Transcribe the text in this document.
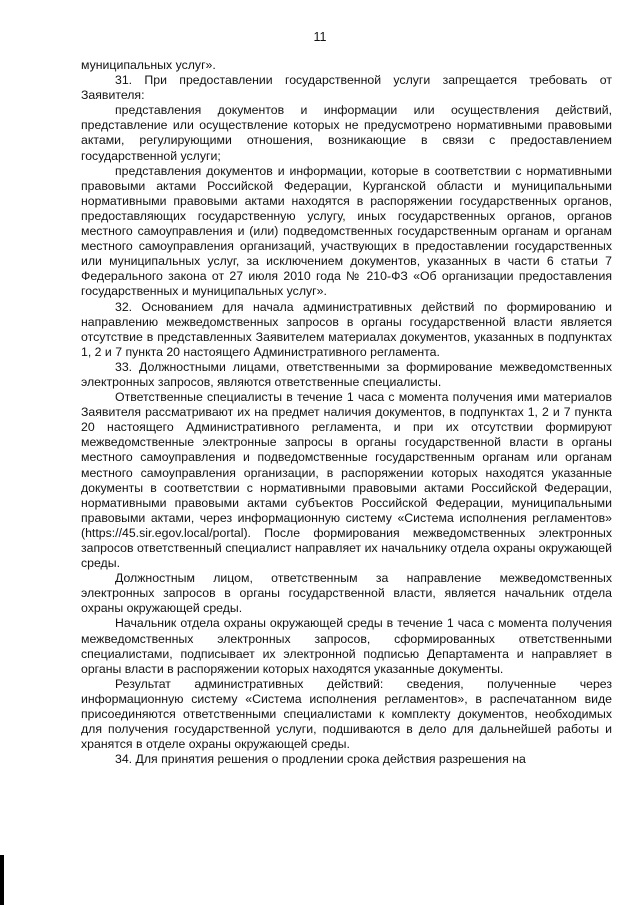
11

муниципальных услуг».

31. При предоставлении государственной услуги запрещается требовать от Заявителя:

представления документов и информации или осуществления действий, представление или осуществление которых не предусмотрено нормативными правовыми актами, регулирующими отношения, возникающие в связи с предоставлением государственной услуги;

представления документов и информации, которые в соответствии с нормативными правовыми актами Российской Федерации, Курганской области и муниципальными нормативными правовыми актами находятся в распоряжении государственных органов, предоставляющих государственную услугу, иных государственных органов, органов местного самоуправления и (или) подведомственных государственным органам и органам местного самоуправления организаций, участвующих в предоставлении государственных или муниципальных услуг, за исключением документов, указанных в части 6 статьи 7 Федерального закона от 27 июля 2010 года № 210-ФЗ «Об организации предоставления государственных и муниципальных услуг».

32. Основанием для начала административных действий по формированию и направлению межведомственных запросов в органы государственной власти является отсутствие в представленных Заявителем материалах документов, указанных в подпунктах 1, 2 и 7 пункта 20 настоящего Административного регламента.

33. Должностными лицами, ответственными за формирование межведомственных электронных запросов, являются ответственные специалисты.

Ответственные специалисты в течение 1 часа с момента получения ими материалов Заявителя рассматривают их на предмет наличия документов, в подпунктах 1, 2 и 7 пункта 20 настоящего Административного регламента, и при их отсутствии формируют межведомственные электронные запросы в органы государственной власти в органы местного самоуправления и подведомственные государственным органам или органам местного самоуправления организации, в распоряжении которых находятся указанные документы в соответствии с нормативными правовыми актами Российской Федерации, нормативными правовыми актами субъектов Российской Федерации, муниципальными правовыми актами, через информационную систему «Система исполнения регламентов» (https://45.sir.egov.local/portal). После формирования межведомственных электронных запросов ответственный специалист направляет их начальнику отдела охраны окружающей среды.

Должностным лицом, ответственным за направление межведомственных электронных запросов в органы государственной власти, является начальник отдела охраны окружающей среды.

Начальник отдела охраны окружающей среды в течение 1 часа с момента получения межведомственных электронных запросов, сформированных ответственными специалистами, подписывает их электронной подписью Департамента и направляет в органы власти в распоряжении которых находятся указанные документы.

Результат административных действий: сведения, полученные через информационную систему «Система исполнения регламентов», в распечатанном виде присоединяются ответственными специалистами к комплекту документов, необходимых для получения государственной услуги, подшиваются в дело для дальнейшей работы и хранятся в отделе охраны окружающей среды.

34. Для принятия решения о продлении срока действия разрешения на
